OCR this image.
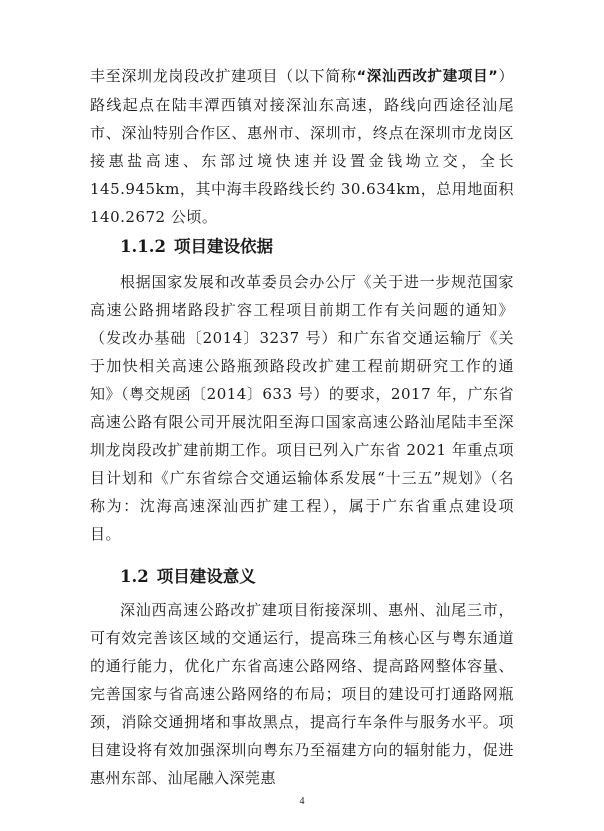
丰至深圳龙岗段改扩建项目（以下简称“深汕西改扩建项目”）路线起点在陆丰潭西镇对接深汕东高速，路线向西途径汕尾市、深汕特别合作区、惠州市、深圳市，终点在深圳市龙岗区接惠盐高速、东部过境快速并设置金钱坳立交，全长 145.945km，其中海丰段路线长约 30.634km，总用地面积 140.2672 公顷。

1.1.2 项目建设依据

根据国家发展和改革委员会办公厅《关于进一步规范国家高速公路拥堵路段扩容工程项目前期工作有关问题的通知》（发改办基础〔2014〕3237 号）和广东省交通运输厅《关于加快相关高速公路瓶颈路段改扩建工程前期研究工作的通知》（粤交规函〔2014〕633 号）的要求，2017 年，广东省高速公路有限公司开展沈阳至海口国家高速公路汕尾陆丰至深圳龙岗段改扩建前期工作。项目已列入广东省 2021 年重点项目计划和《广东省综合交通运输体系发展“十三五”规划》（名称为：沈海高速深汕西扩建工程），属于广东省重点建设项目。

1.2 项目建设意义

深汕西高速公路改扩建项目衔接深圳、惠州、汕尾三市，可有效完善该区域的交通运行，提高珠三角核心区与粤东通道的通行能力，优化广东省高速公路网络、提高路网整体容量、完善国家与省高速公路网络的布局；项目的建设可打通路网瓶颈，消除交通拥堵和事故黑点，提高行车条件与服务水平。项目建设将有效加强深圳向粤东乃至福建方向的辐射能力，促进惠州东部、汕尾融入深莞惠

4
